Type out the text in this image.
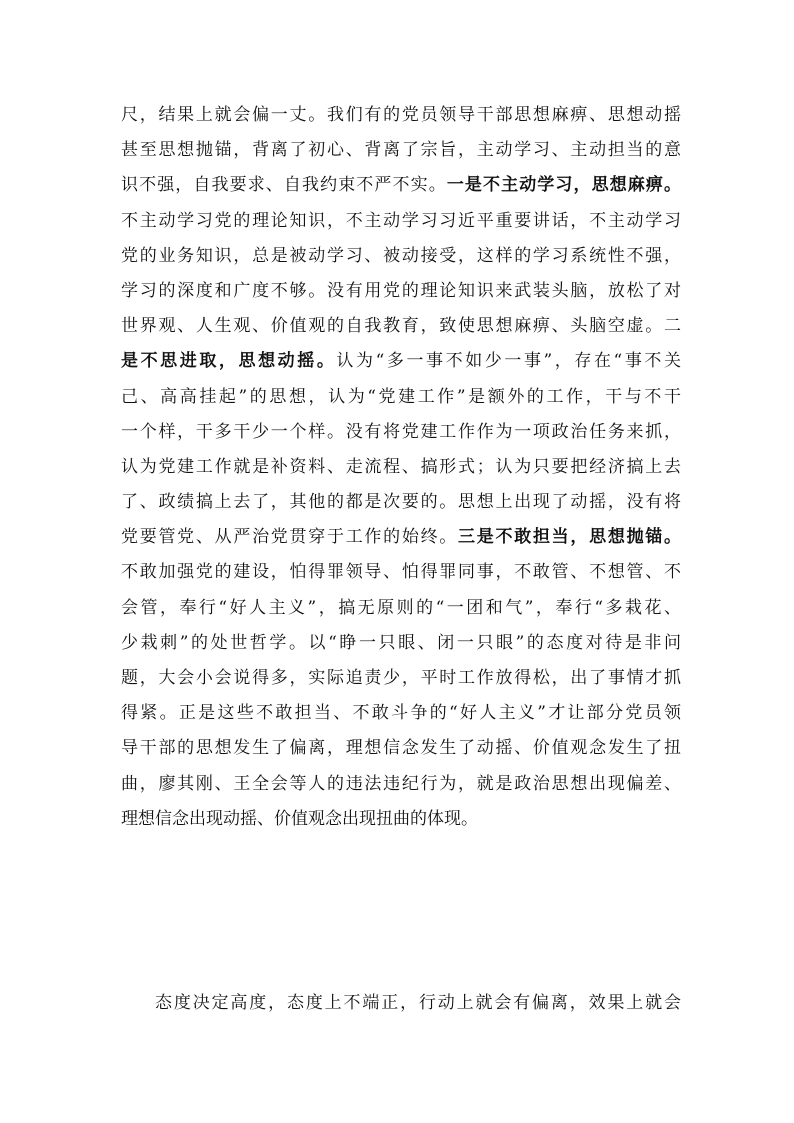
尺，结果上就会偏一丈。我们有的党员领导干部思想麻痹、思想动摇
甚至思想抛锚，背离了初心、背离了宗旨，主动学习、主动担当的意
识不强，自我要求、自我约束不严不实。一是不主动学习，思想麻痹。
不主动学习党的理论知识，不主动学习习近平重要讲话，不主动学习
党的业务知识，总是被动学习、被动接受，这样的学习系统性不强，
学习的深度和广度不够。没有用党的理论知识来武装头脑，放松了对
世界观、人生观、价值观的自我教育，致使思想麻痹、头脑空虚。二
是不思进取，思想动摇。认为“多一事不如少一事”，存在“事不关
己、高高挂起”的思想，认为“党建工作”是额外的工作，干与不干
一个样，干多干少一个样。没有将党建工作作为一项政治任务来抓，
认为党建工作就是补资料、走流程、搞形式；认为只要把经济搞上去
了、政绩搞上去了，其他的都是次要的。思想上出现了动摇，没有将
党要管党、从严治党贯穿于工作的始终。三是不敢担当，思想抛锚。
不敢加强党的建设，怕得罪领导、怕得罪同事，不敢管、不想管、不
会管，奉行“好人主义”，搞无原则的“一团和气”，奉行“多栽花、
少栽刺”的处世哲学。以“睁一只眼、闭一只眼”的态度对待是非问
题，大会小会说得多，实际追责少，平时工作放得松，出了事情才抓
得紧。正是这些不敢担当、不敢斗争的“好人主义”才让部分党员领
导干部的思想发生了偏离，理想信念发生了动摇、价值观念发生了扭
曲，廖其刚、王全会等人的违法违纪行为，就是政治思想出现偏差、
理想信念出现动摇、价值观念出现扭曲的体现。
态度决定高度，态度上不端正，行动上就会有偏离，效果上就会
